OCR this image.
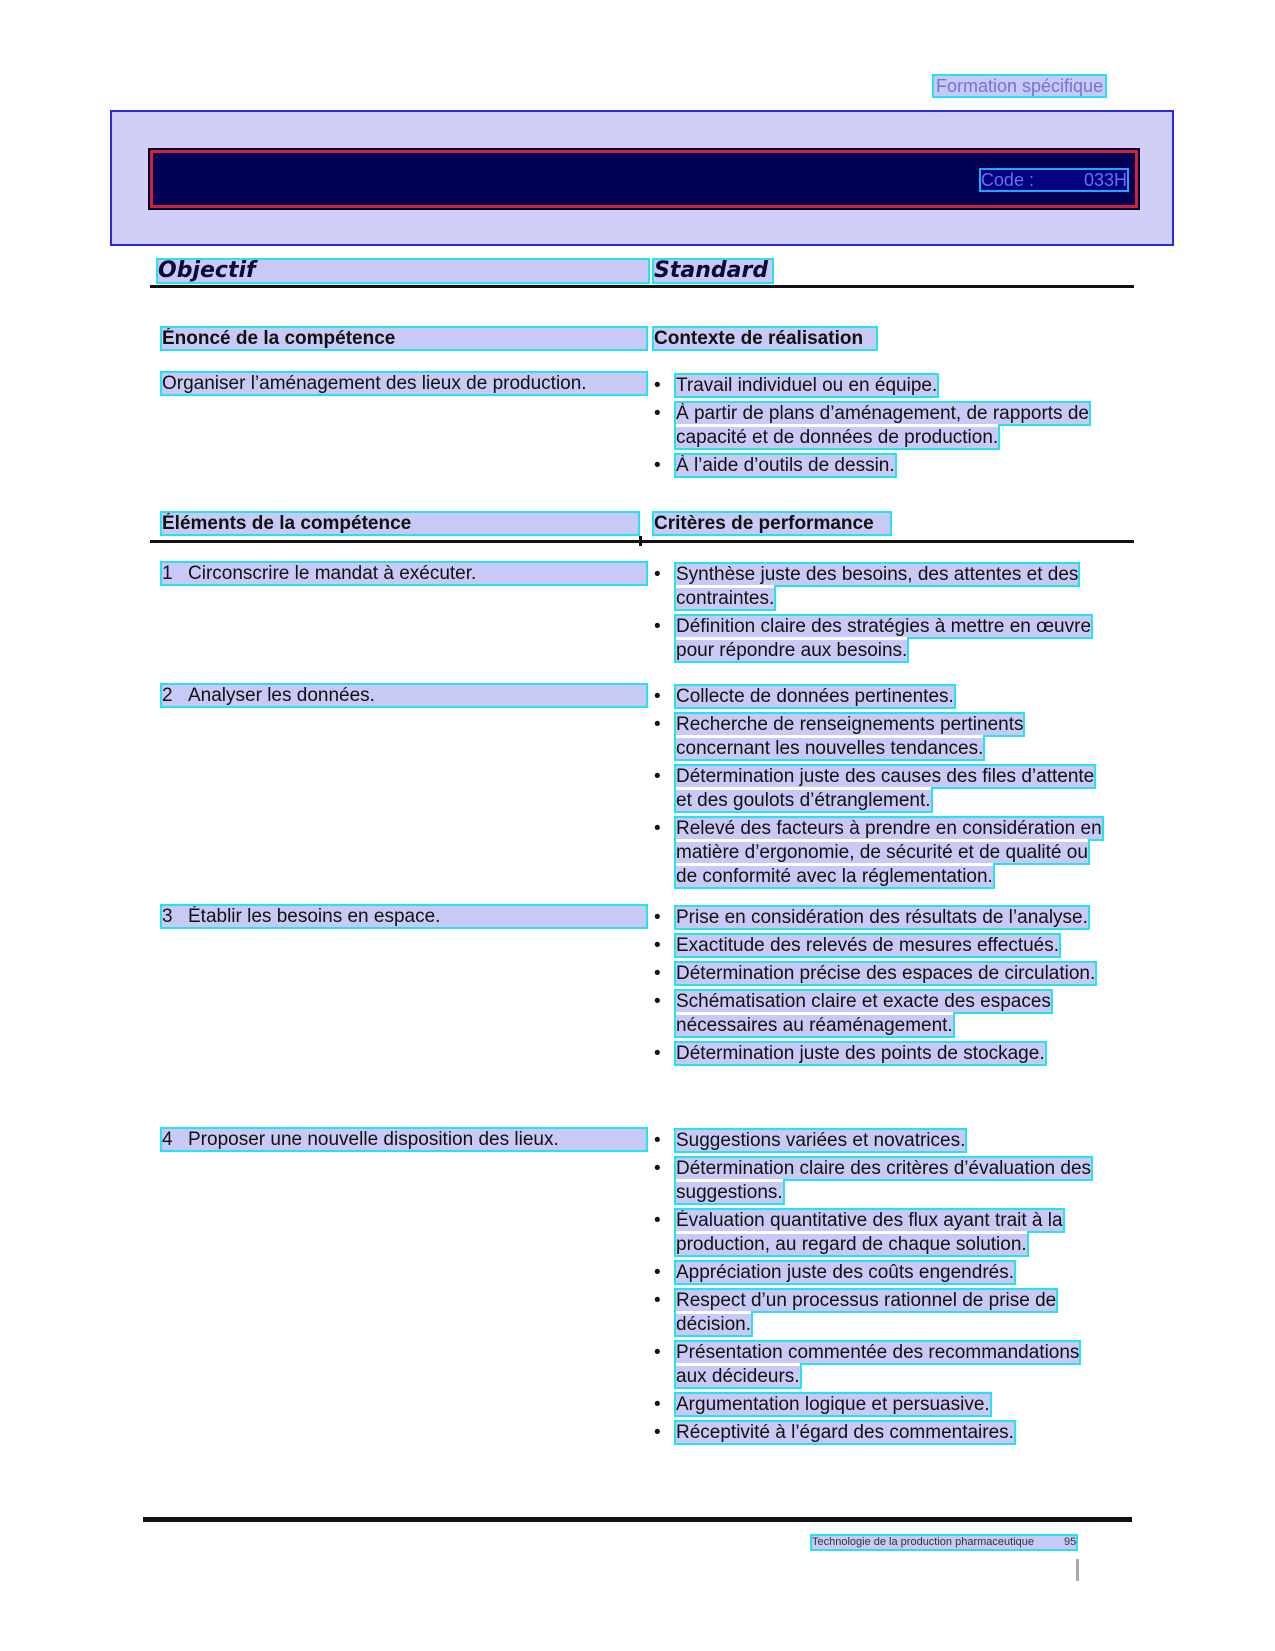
Formation spécifique
Code :	033H
Objectif	Standard
Énoncé de la compétence	Contexte de réalisation
Organiser l’aménagement des lieux de production.	• Travail individuel ou en équipe.
• À partir de plans d’aménagement, de rapports de capacité et de données de production.
• À l’aide d’outils de dessin.
Éléments de la compétence	Critères de performance
1 Circonscrire le mandat à exécuter.	• Synthèse juste des besoins, des attentes et des contraintes.
• Définition claire des stratégies à mettre en œuvre pour répondre aux besoins.
2 Analyser les données.	• Collecte de données pertinentes.
• Recherche de renseignements pertinents concernant les nouvelles tendances.
• Détermination juste des causes des files d’attente et des goulots d’étranglement.
• Relevé des facteurs à prendre en considération en matière d’ergonomie, de sécurité et de qualité ou de conformité avec la réglementation.
3 Établir les besoins en espace.	• Prise en considération des résultats de l’analyse.
• Exactitude des relevés de mesures effectués.
• Détermination précise des espaces de circulation.
• Schématisation claire et exacte des espaces nécessaires au réaménagement.
• Détermination juste des points de stockage.
4 Proposer une nouvelle disposition des lieux.	• Suggestions variées et novatrices.
• Détermination claire des critères d’évaluation des suggestions.
• Évaluation quantitative des flux ayant trait à la production, au regard de chaque solution.
• Appréciation juste des coûts engendrés.
• Respect d’un processus rationnel de prise de décision.
• Présentation commentée des recommandations aux décideurs.
• Argumentation logique et persuasive.
• Réceptivité à l’égard des commentaires.
Technologie de la production pharmaceutique	95
